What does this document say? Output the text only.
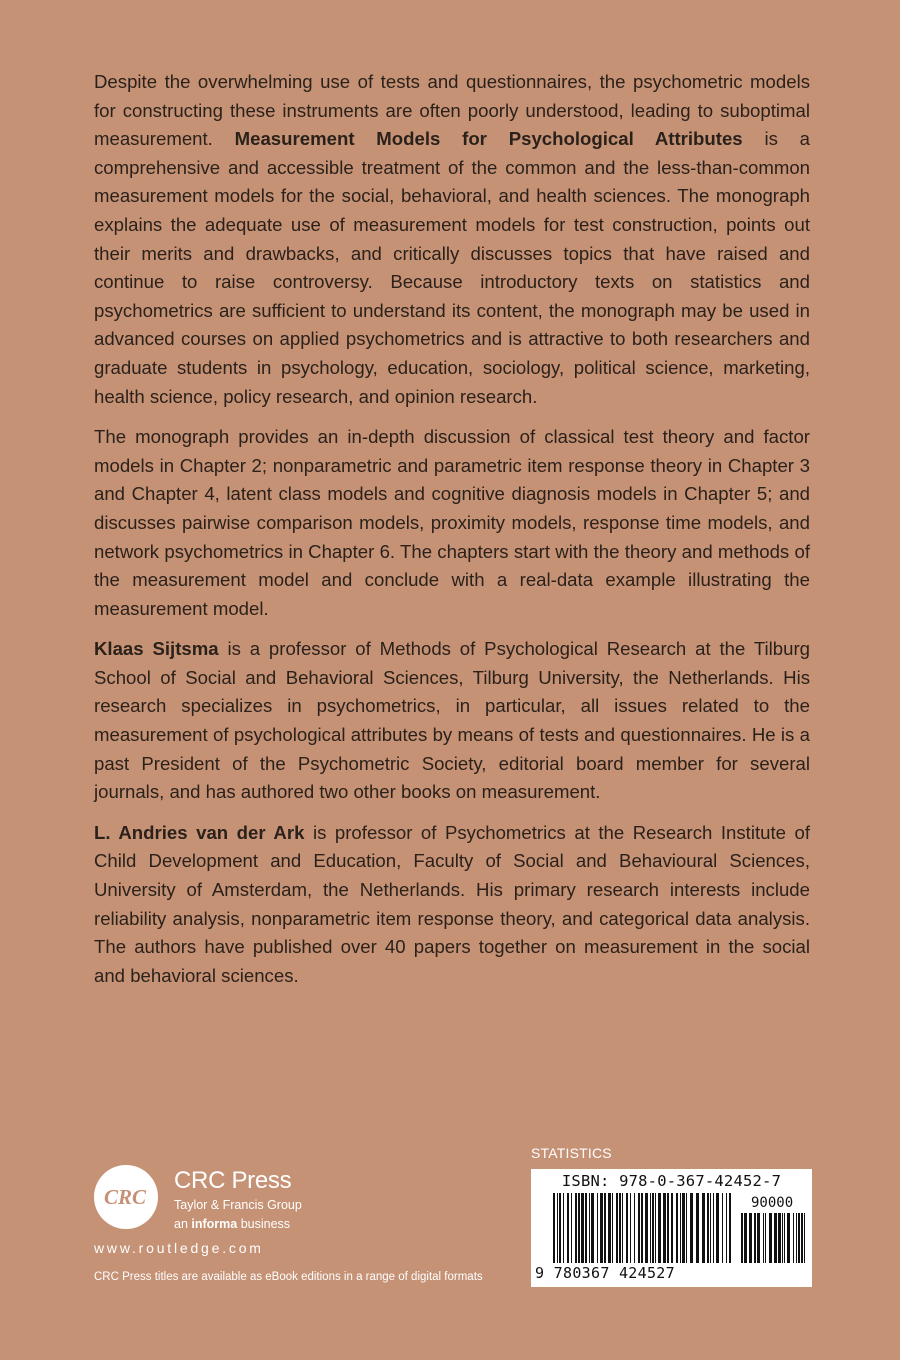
Despite the overwhelming use of tests and questionnaires, the psychometric models for constructing these instruments are often poorly understood, leading to suboptimal measurement. Measurement Models for Psychological Attributes is a comprehensive and accessible treatment of the common and the less-than-common measurement models for the social, behavioral, and health sciences. The monograph explains the adequate use of measurement models for test construction, points out their merits and drawbacks, and critically discusses topics that have raised and continue to raise controversy. Because introductory texts on statistics and psychometrics are sufficient to understand its content, the monograph may be used in advanced courses on applied psychometrics and is attractive to both researchers and graduate students in psychology, education, sociology, political science, marketing, health science, policy research, and opinion research.

The monograph provides an in-depth discussion of classical test theory and factor models in Chapter 2; nonparametric and parametric item response theory in Chapter 3 and Chapter 4, latent class models and cognitive diagnosis models in Chapter 5; and discusses pairwise comparison models, proximity models, response time models, and network psychometrics in Chapter 6. The chapters start with the theory and methods of the measurement model and conclude with a real-data example illustrating the measurement model.

Klaas Sijtsma is a professor of Methods of Psychological Research at the Tilburg School of Social and Behavioral Sciences, Tilburg University, the Netherlands. His research specializes in psychometrics, in particular, all issues related to the measurement of psychological attributes by means of tests and questionnaires. He is a past President of the Psychometric Society, editorial board member for several journals, and has authored two other books on measurement.

L. Andries van der Ark is professor of Psychometrics at the Research Institute of Child Development and Education, Faculty of Social and Behavioural Sciences, University of Amsterdam, the Netherlands. His primary research interests include reliability analysis, nonparametric item response theory, and categorical data analysis. The authors have published over 40 papers together on measurement in the social and behavioral sciences.

CRC
CRC Press
Taylor & Francis Group
an informa business
www.routledge.com
CRC Press titles are available as eBook editions in a range of digital formats
STATISTICS
ISBN: 978-0-367-42452-7
90000
9 780367 424527
